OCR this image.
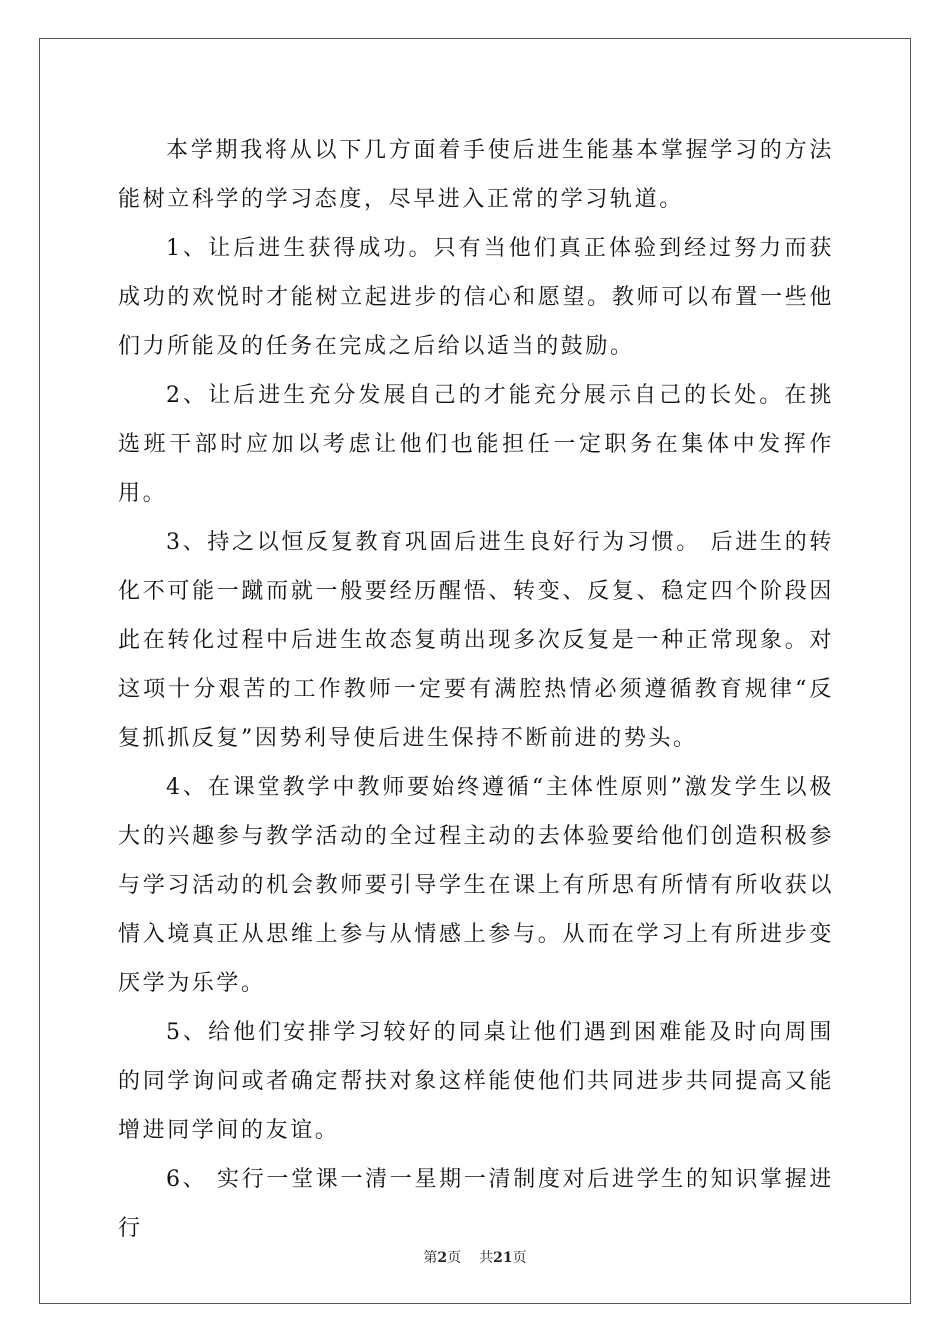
本学期我将从以下几方面着手使后进生能基本掌握学习的方法能树立科学的学习态度，尽早进入正常的学习轨道。

1、让后进生获得成功。只有当他们真正体验到经过努力而获成功的欢悦时才能树立起进步的信心和愿望。教师可以布置一些他们力所能及的任务在完成之后给以适当的鼓励。

2、让后进生充分发展自己的才能充分展示自己的长处。在挑选班干部时应加以考虑让他们也能担任一定职务在集体中发挥作用。

3、持之以恒反复教育巩固后进生良好行为习惯。 后进生的转化不可能一蹴而就一般要经历醒悟、转变、反复、稳定四个阶段因此在转化过程中后进生故态复萌出现多次反复是一种正常现象。对这项十分艰苦的工作教师一定要有满腔热情必须遵循教育规律“反复抓抓反复”因势利导使后进生保持不断前进的势头。

4、在课堂教学中教师要始终遵循“主体性原则”激发学生以极大的兴趣参与教学活动的全过程主动的去体验要给他们创造积极参与学习活动的机会教师要引导学生在课上有所思有所情有所收获以情入境真正从思维上参与从情感上参与。从而在学习上有所进步变厌学为乐学。

5、给他们安排学习较好的同桌让他们遇到困难能及时向周围的同学询问或者确定帮扶对象这样能使他们共同进步共同提高又能增进同学间的友谊。

6、 实行一堂课一清一星期一清制度对后进学生的知识掌握进行

第2页 共21页
